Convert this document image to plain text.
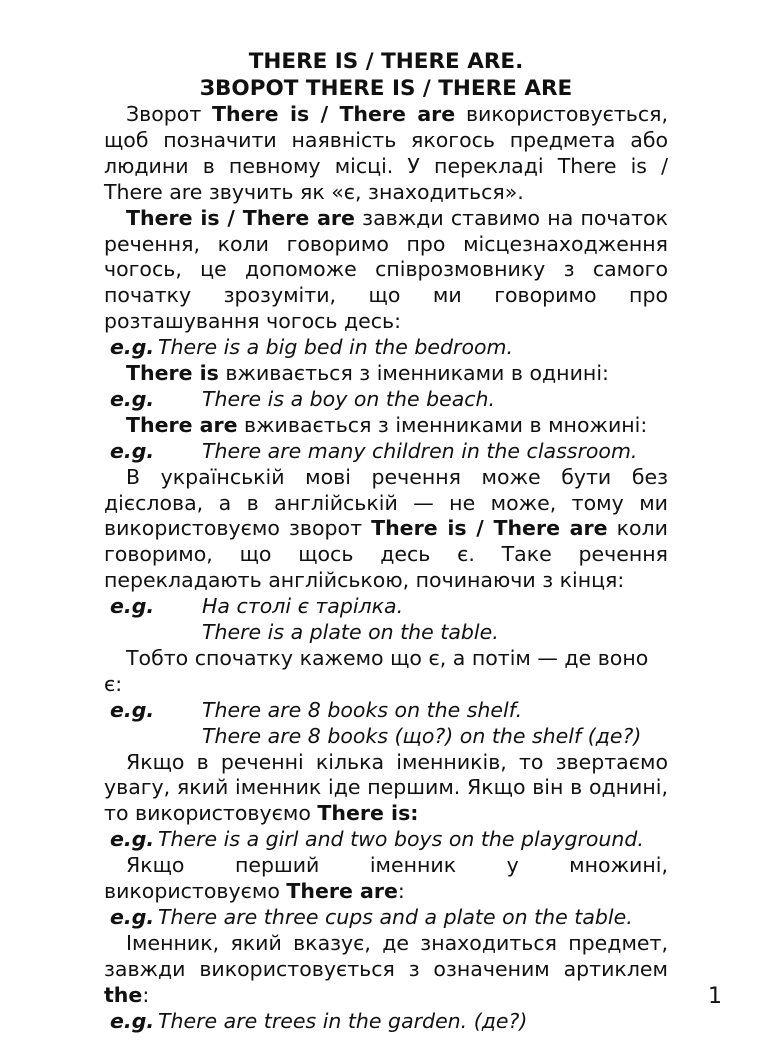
THERE IS / THERE ARE.

ЗВОРОТ THERE IS / THERE ARE

Зворот There is / There are використовується, щоб позначити наявність якогось предмета або людини в певному місці. У перекладі There is / There are звучить як «є, знаходиться».

There is / There are завжди ставимо на початок речення, коли говоримо про місцезнаходження чогось, це допоможе співрозмовнику з самого початку зрозуміти, що ми говоримо про розташування чогось десь:

e.g. There is a big bed in the bedroom.

There is вживається з іменниками в однині:

e.g. There is a boy on the beach.

There are вживається з іменниками в множині:

e.g. There are many children in the classroom.

В українській мові речення може бути без дієслова, а в англійській — не може, тому ми використовуємо зворот There is / There are коли говоримо, що щось десь є. Таке речення перекладають англійською, починаючи з кінця:

e.g. На столі є тарілка.
There is a plate on the table.

Тобто спочатку кажемо що є, а потім — де воно є:

e.g. There are 8 books on the shelf.
There are 8 books (що?) on the shelf (де?)

Якщо в реченні кілька іменників, то звертаємо увагу, який іменник іде першим. Якщо він в однині, то використовуємо There is:

e.g. There is a girl and two boys on the playground.

Якщо перший іменник у множині, використовуємо There are:

e.g. There are three cups and a plate on the table.

Іменник, який вказує, де знаходиться предмет, завжди використовується з означеним артиклем the:

e.g. There are trees in the garden. (де?)
1
